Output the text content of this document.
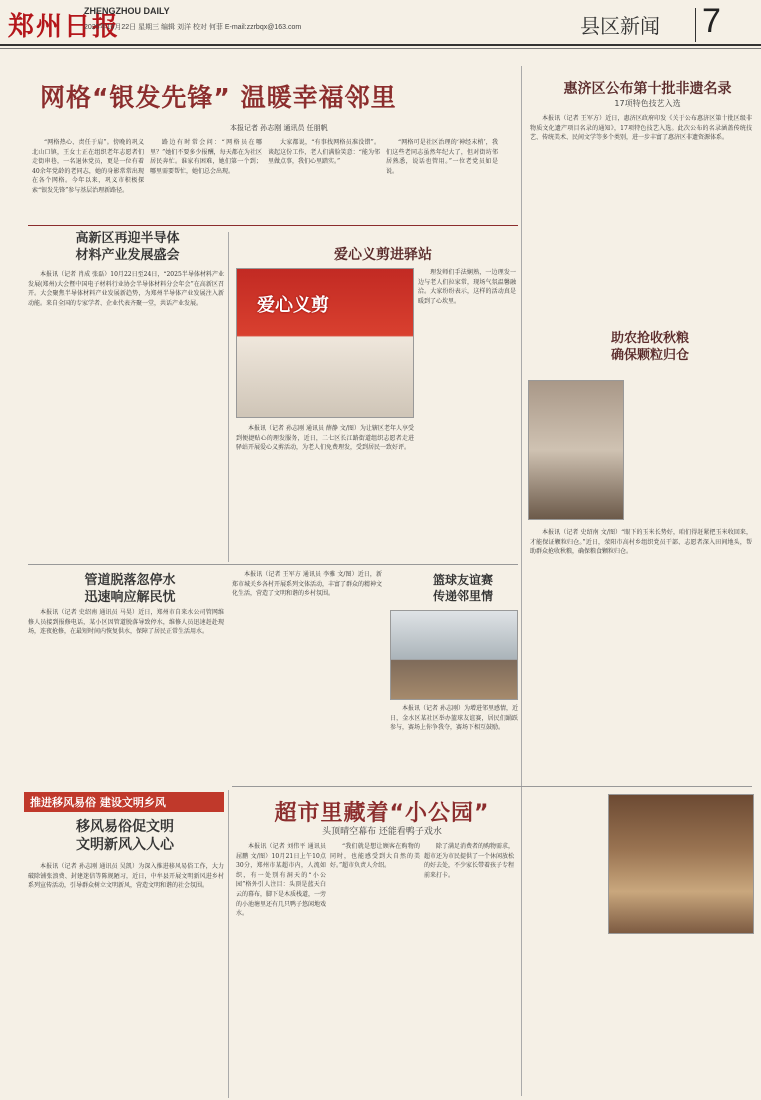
郑州日报
ZHENGZHOU DAILY
2025年10月22日 星期三 编辑 刘洋 校对 何菲 E-mail:zzrbqx@163.com	县区新闻 7
网格“银发先锋” 温暖幸福邻里
本报记者 孙志刚 通讯员 任朋帆

“网格热心、责任于肩”。傍晚的巩义北山口镇，王女士正在组织老年志愿者们走街串巷，一名退休党员，更是一位有着40余年党龄的老同志，她的身影常常出现在各个网格。今年以来，巩义市积极探索“银发先锋”参与基层治理新路径。

路边有时常会问：“网格员在哪里？”她们不要多少报酬，每天都在为社区居民奔忙。谁家有困难，她们第一个到；哪里需要帮忙，她们总会出现。

大家都说，“有事找网格员准没错”。谈起这份工作，老人们满脸笑意：“能为邻里做点事，我们心里踏实。”

“网格可是社区治理的‘神经末梢’，我们这些老同志虽然年纪大了，但对街坊邻居熟悉，说话也管用。”一位老党员如是说。

惠济区公布第十批非遗名录
17项特色技艺入选

本报讯（记者 王军方）近日，惠济区政府印发《关于公布惠济区第十批区级非物质文化遗产项目名录的通知》，17项特色技艺入选。此次公布的名录涵盖传统技艺、传统美术、民间文学等多个类别，进一步丰富了惠济区非遗资源体系。

高新区再迎半导体
材料产业发展盛会

本报讯（记者 肖成 张磊）10月22日至24日，“2025半导体材料产业发展(郑州)大会暨中国电子材料行业协会半导体材料分会年会”在高新区召开。大会聚焦半导体材料产业发展新趋势，为郑州半导体产业发展注入新动能。来自全国的专家学者、企业代表齐聚一堂，共话产业发展。

爱心义剪进驿站
爱心义剪

理发师们手法娴熟，一边理发一边与老人们拉家常，现场气氛温馨融洽。大家纷纷表示，这样的活动真是暖到了心坎里。

本报讯（记者 孙志刚 通讯员 薛静 文/图）为让辖区老年人享受到便捷贴心的理发服务，近日，二七区长江路街道组织志愿者走进驿站开展爱心义剪活动，为老人们免费理发，受到居民一致好评。

助农抢收秋粮
确保颗粒归仓

本报讯（记者 史绍南 文/图）“眼下的玉米长势好，咱们得赶紧把玉米收回来，才能保证颗粒归仓。”近日，荥阳市高村乡组织党员干部、志愿者深入田间地头，帮助群众抢收秋粮，确保粮食颗粒归仓。

管道脱落忽停水
迅速响应解民忧

本报讯（记者 史绍南 通讯员 马昊）近日，郑州市自来水公司管网维修人员接到报修电话，某小区因管道脱落导致停水，维修人员迅速赶赴现场，连夜抢修，在最短时间内恢复供水，保障了居民正常生活用水。

本报讯（记者 王军方 通讯员 李雅 文/图）近日，新郑市城关乡各村开展系列文体活动，丰富了群众的精神文化生活，营造了文明和谐的乡村氛围。

篮球友谊赛
传递邻里情

本报讯（记者 孙志刚）为增进邻里感情，近日，金水区某社区举办篮球友谊赛，居民们踊跃参与，赛场上你争我夺，赛场下相互鼓励。

推进移风易俗 建设文明乡风
移风易俗促文明
文明新风入人心

本报讯（记者 孙志刚 通讯员 吴凯）为深入推进移风易俗工作，大力破除铺张浪费、封建迷信等陈规陋习，近日，中牟县开展文明新风进乡村系列宣传活动，引导群众树立文明新风，营造文明和谐的社会氛围。

超市里藏着“小公园”
头顶晴空幕布 还能看鸭子戏水

本报讯（记者 刘伟平 通讯员 屈鹏 文/图）10月21日上午10点30分，郑州市某超市内，人流如织，有一处别有洞天的“小公园”格外引人注目：头顶是蓝天白云的幕布，脚下是木质栈道，一旁的小池塘里还有几只鸭子悠闲地戏水。

“我们就是想让顾客在购物的同时，也能感受到大自然的美好。”超市负责人介绍。

除了满足消费者的购物需求，超市还为市民提供了一个休闲放松的好去处，不少家长带着孩子专程前来打卡。
